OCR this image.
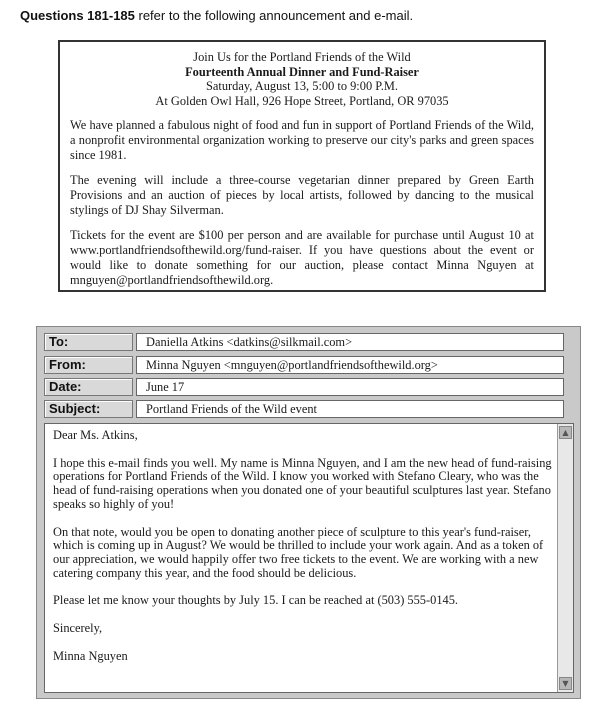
Questions 181-185 refer to the following announcement and e-mail.
Join Us for the Portland Friends of the Wild
Fourteenth Annual Dinner and Fund-Raiser
Saturday, August 13, 5:00 to 9:00 P.M.
At Golden Owl Hall, 926 Hope Street, Portland, OR 97035

We have planned a fabulous night of food and fun in support of Portland Friends of the Wild, a nonprofit environmental organization working to preserve our city's parks and green spaces since 1981.

The evening will include a three-course vegetarian dinner prepared by Green Earth Provisions and an auction of pieces by local artists, followed by dancing to the musical stylings of DJ Shay Silverman.

Tickets for the event are $100 per person and are available for purchase until August 10 at www.portlandfriendsofthewild.org/fund-raiser. If you have questions about the event or would like to donate something for our auction, please contact Minna Nguyen at mnguyen@portlandfriendsofthewild.org.

To:	Daniella Atkins <datkins@silkmail.com>
From:	Minna Nguyen <mnguyen@portlandfriendsofthewild.org>
Date:	June 17
Subject:	Portland Friends of the Wild event

Dear Ms. Atkins,

I hope this e-mail finds you well. My name is Minna Nguyen, and I am the new head of fund-raising operations for Portland Friends of the Wild. I know you worked with Stefano Cleary, who was the head of fund-raising operations when you donated one of your beautiful sculptures last year. Stefano speaks so highly of you!

On that note, would you be open to donating another piece of sculpture to this year's fund-raiser, which is coming up in August? We would be thrilled to include your work again. And as a token of our appreciation, we would happily offer two free tickets to the event. We are working with a new catering company this year, and the food should be delicious.

Please let me know your thoughts by July 15. I can be reached at (503) 555-0145.

Sincerely,

Minna Nguyen

▲
▼
